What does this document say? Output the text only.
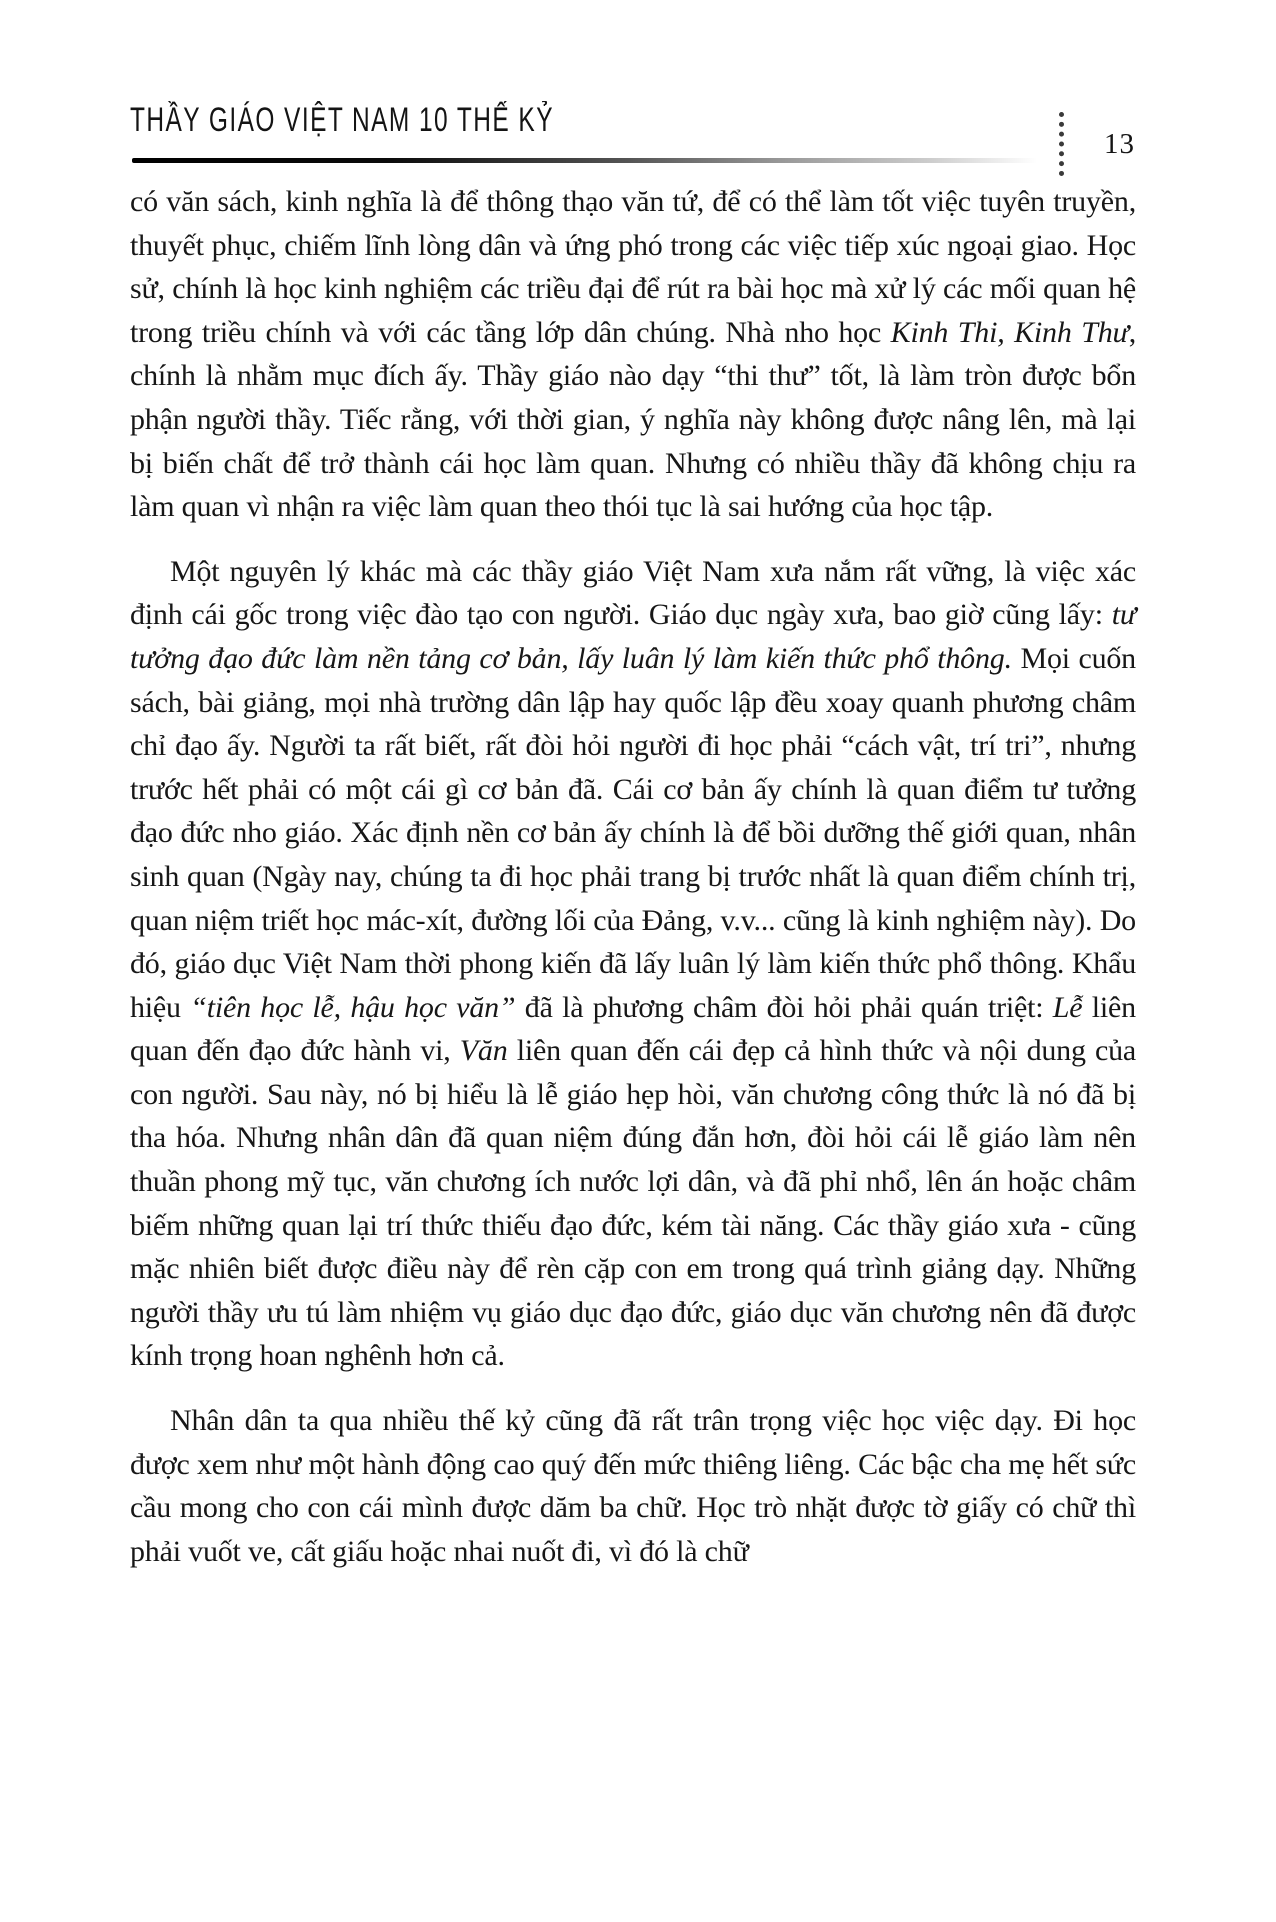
THẦY GIÁO VIỆT NAM 10 THẾ KỶ
13

có văn sách, kinh nghĩa là để thông thạo văn tứ, để có thể làm tốt việc tuyên truyền, thuyết phục, chiếm lĩnh lòng dân và ứng phó trong các việc tiếp xúc ngoại giao. Học sử, chính là học kinh nghiệm các triều đại để rút ra bài học mà xử lý các mối quan hệ trong triều chính và với các tầng lớp dân chúng. Nhà nho học Kinh Thi, Kinh Thư, chính là nhằm mục đích ấy. Thầy giáo nào dạy “thi thư” tốt, là làm tròn được bổn phận người thầy. Tiếc rằng, với thời gian, ý nghĩa này không được nâng lên, mà lại bị biến chất để trở thành cái học làm quan. Nhưng có nhiều thầy đã không chịu ra làm quan vì nhận ra việc làm quan theo thói tục là sai hướng của học tập.

Một nguyên lý khác mà các thầy giáo Việt Nam xưa nắm rất vững, là việc xác định cái gốc trong việc đào tạo con người. Giáo dục ngày xưa, bao giờ cũng lấy: tư tưởng đạo đức làm nền tảng cơ bản, lấy luân lý làm kiến thức phổ thông. Mọi cuốn sách, bài giảng, mọi nhà trường dân lập hay quốc lập đều xoay quanh phương châm chỉ đạo ấy. Người ta rất biết, rất đòi hỏi người đi học phải “cách vật, trí tri”, nhưng trước hết phải có một cái gì cơ bản đã. Cái cơ bản ấy chính là quan điểm tư tưởng đạo đức nho giáo. Xác định nền cơ bản ấy chính là để bồi dưỡng thế giới quan, nhân sinh quan (Ngày nay, chúng ta đi học phải trang bị trước nhất là quan điểm chính trị, quan niệm triết học mác-xít, đường lối của Đảng, v.v... cũng là kinh nghiệm này). Do đó, giáo dục Việt Nam thời phong kiến đã lấy luân lý làm kiến thức phổ thông. Khẩu hiệu “tiên học lễ, hậu học văn” đã là phương châm đòi hỏi phải quán triệt: Lễ liên quan đến đạo đức hành vi, Văn liên quan đến cái đẹp cả hình thức và nội dung của con người. Sau này, nó bị hiểu là lễ giáo hẹp hòi, văn chương công thức là nó đã bị tha hóa. Nhưng nhân dân đã quan niệm đúng đắn hơn, đòi hỏi cái lễ giáo làm nên thuần phong mỹ tục, văn chương ích nước lợi dân, và đã phỉ nhổ, lên án hoặc châm biếm những quan lại trí thức thiếu đạo đức, kém tài năng. Các thầy giáo xưa - cũng mặc nhiên biết được điều này để rèn cặp con em trong quá trình giảng dạy. Những người thầy ưu tú làm nhiệm vụ giáo dục đạo đức, giáo dục văn chương nên đã được kính trọng hoan nghênh hơn cả.

Nhân dân ta qua nhiều thế kỷ cũng đã rất trân trọng việc học việc dạy. Đi học được xem như một hành động cao quý đến mức thiêng liêng. Các bậc cha mẹ hết sức cầu mong cho con cái mình được dăm ba chữ. Học trò nhặt được tờ giấy có chữ thì phải vuốt ve, cất giấu hoặc nhai nuốt đi, vì đó là chữ
